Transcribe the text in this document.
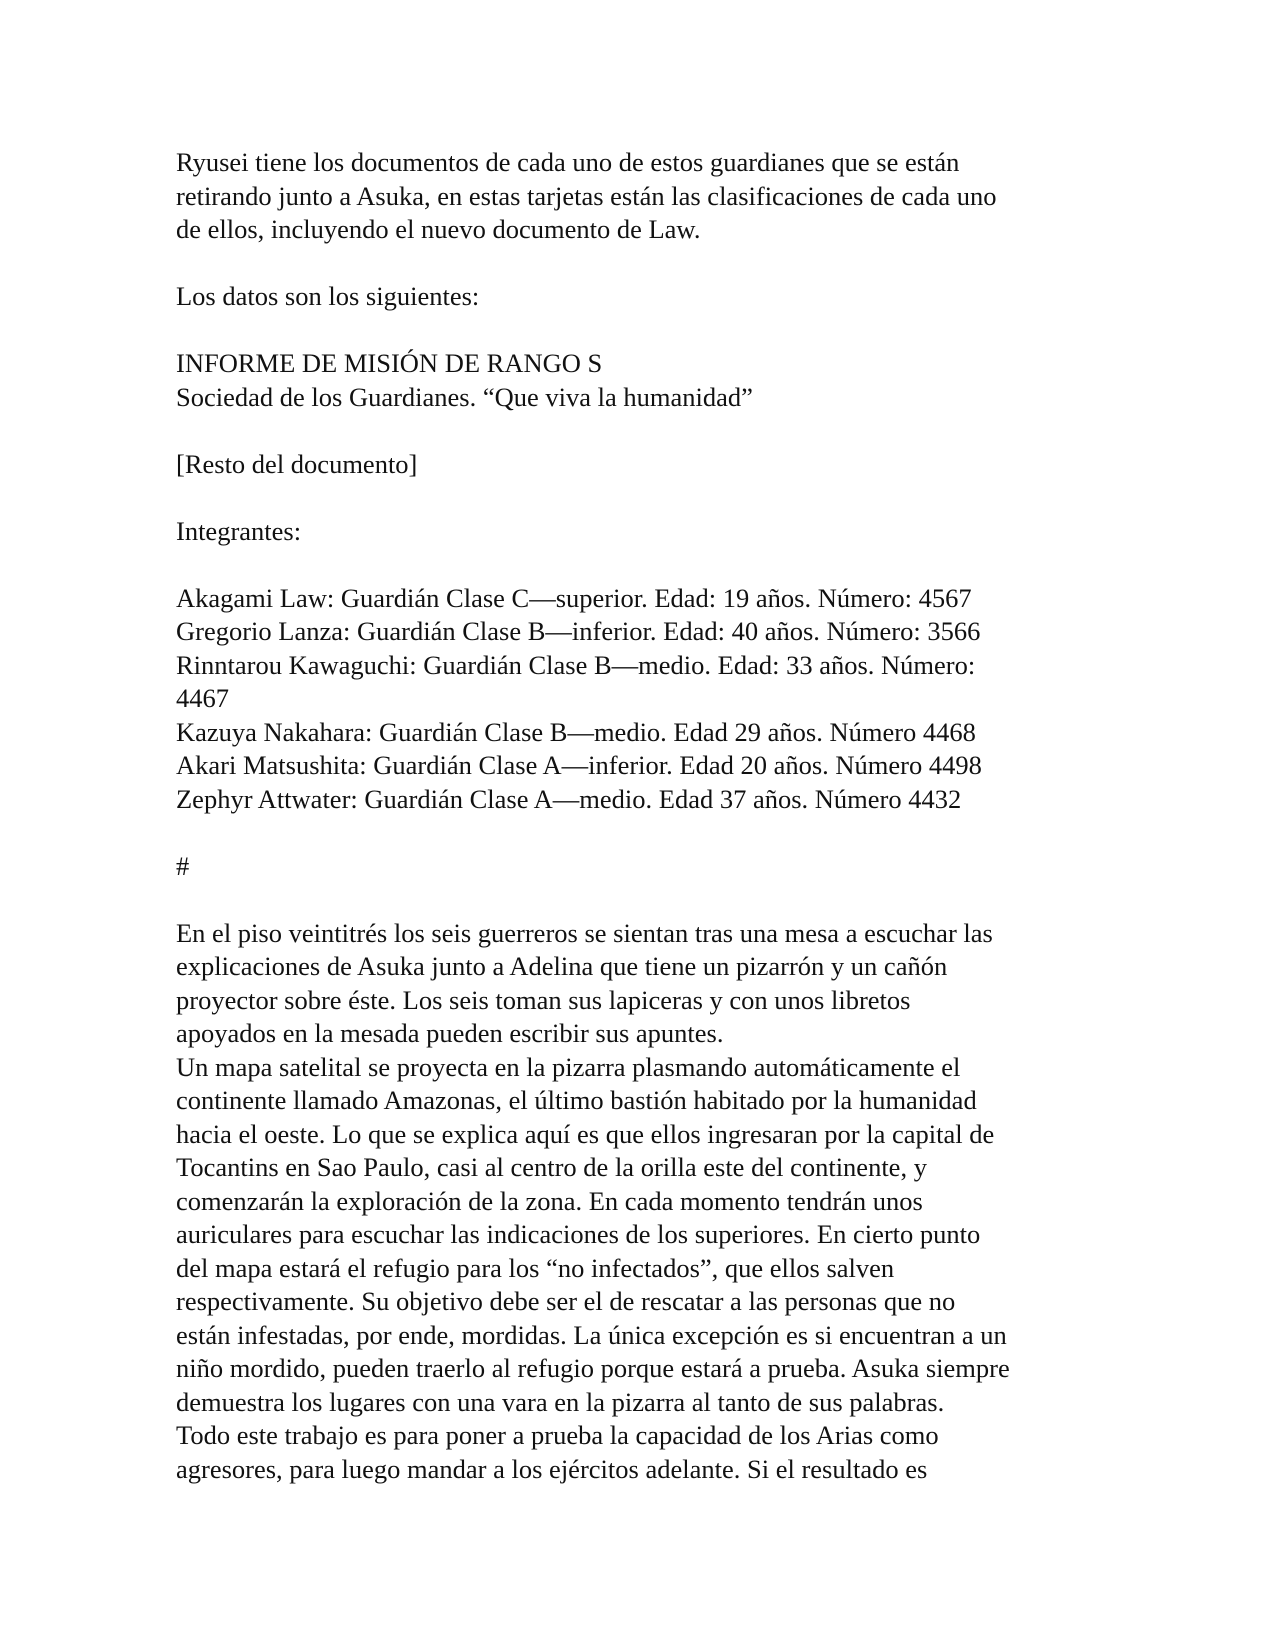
Ryusei tiene los documentos de cada uno de estos guardianes que se están
retirando junto a Asuka, en estas tarjetas están las clasificaciones de cada uno
de ellos, incluyendo el nuevo documento de Law.
Los datos son los siguientes:
INFORME DE MISIÓN DE RANGO S
Sociedad de los Guardianes. “Que viva la humanidad”
[Resto del documento]
Integrantes:
Akagami Law: Guardián Clase C—superior. Edad: 19 años. Número: 4567
Gregorio Lanza: Guardián Clase B—inferior. Edad: 40 años. Número: 3566
Rinntarou Kawaguchi: Guardián Clase B—medio. Edad: 33 años. Número:
4467
Kazuya Nakahara: Guardián Clase B—medio. Edad 29 años. Número 4468
Akari Matsushita: Guardián Clase A—inferior. Edad 20 años. Número 4498
Zephyr Attwater: Guardián Clase A—medio. Edad 37 años. Número 4432
#
En el piso veintitrés los seis guerreros se sientan tras una mesa a escuchar las
explicaciones de Asuka junto a Adelina que tiene un pizarrón y un cañón
proyector sobre éste. Los seis toman sus lapiceras y con unos libretos
apoyados en la mesada pueden escribir sus apuntes.
Un mapa satelital se proyecta en la pizarra plasmando automáticamente el
continente llamado Amazonas, el último bastión habitado por la humanidad
hacia el oeste. Lo que se explica aquí es que ellos ingresaran por la capital de
Tocantins en Sao Paulo, casi al centro de la orilla este del continente, y
comenzarán la exploración de la zona. En cada momento tendrán unos
auriculares para escuchar las indicaciones de los superiores. En cierto punto
del mapa estará el refugio para los “no infectados”, que ellos salven
respectivamente. Su objetivo debe ser el de rescatar a las personas que no
están infestadas, por ende, mordidas. La única excepción es si encuentran a un
niño mordido, pueden traerlo al refugio porque estará a prueba. Asuka siempre
demuestra los lugares con una vara en la pizarra al tanto de sus palabras.
Todo este trabajo es para poner a prueba la capacidad de los Arias como
agresores, para luego mandar a los ejércitos adelante. Si el resultado es
